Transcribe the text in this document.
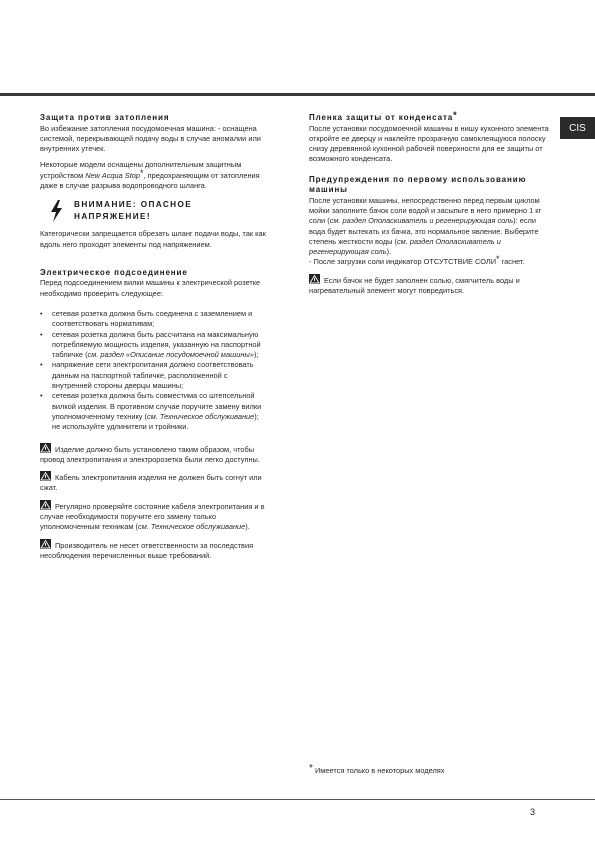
CIS
Защита против затопления

Во избежание затопления посудомоечная машина: - оснащена системой, перекрывающей подачу воды в случае аномалии или внутренних утечек.

Некоторые модели оснащены дополнительным защитным устройством New Acqua Stop*, предохраняющим от затопления даже в случае разрыва водопроводного шланга.

ВНИМАНИЕ: ОПАСНОЕ
НАПРЯЖЕНИЕ!

Категорически запрещается обрезать шланг подачи воды, так как вдоль него проходят элементы под напряжением.

Электрическое подсоединение

Перед подсоединением вилки машины к электрической розетке необходимо проверить следующее:

• сетевая розетка должна быть соединена с заземлением и соответствовать нормативам;
• сетевая розетка должна быть рассчитана на максимальную потребляемую мощность изделия, указанную на паспортной табличке (см. раздел «Описание посудомоечной машины»);
• напряжение сети электропитания должно соответствовать данным на паспортной табличке, расположенной с внутренней стороны дверцы машины;
• сетевая розетка должна быть совместима со штепсельной вилкой изделия. В противном случае поручите замену вилки уполномоченному технику (см. Техническое обслуживание); не используйте удлинители и тройники.

Изделие должно быть установлено таким образом, чтобы провод электропитания и электророзетка были легко доступны.

Кабель электропитания изделия не должен быть согнут или сжат.

Регулярно проверяйте состояние кабеля электропитания и в случае необходимости поручите его замену только уполномоченным техникам (см. Техническое обслуживание).

Производитель не несет ответственности за последствия несоблюдения перечисленных выше требований.

Пленка защиты от конденсата*

После установки посудомоечной машины в нишу кухонного элемента откройте ее дверцу и наклейте прозрачную самоклеящуюся полоску снизу деревянной кухонной рабочей поверхности для ее защиты от возможного конденсата.

Предупреждения по первому использованию машины

После установки машины, непосредственно перед первым циклом мойки заполните бачок соли водой и засыпьте в него примерно 1 кг соли (см. раздел Ополаскиватель и регенерирующая соль): если вода будет вытекать из бачка, это нормальное явление. Выберите степень жесткости воды (см. раздел Ополаскиватель и регенерирующая соль).

- После загрузки соли индикатор ОТСУТСТВИЕ СОЛИ* гаснет.

Если бачок не будет заполнен солью, смягчитель воды и нагревательный элемент могут повредиться.

* Имеется только в некоторых моделях
3
